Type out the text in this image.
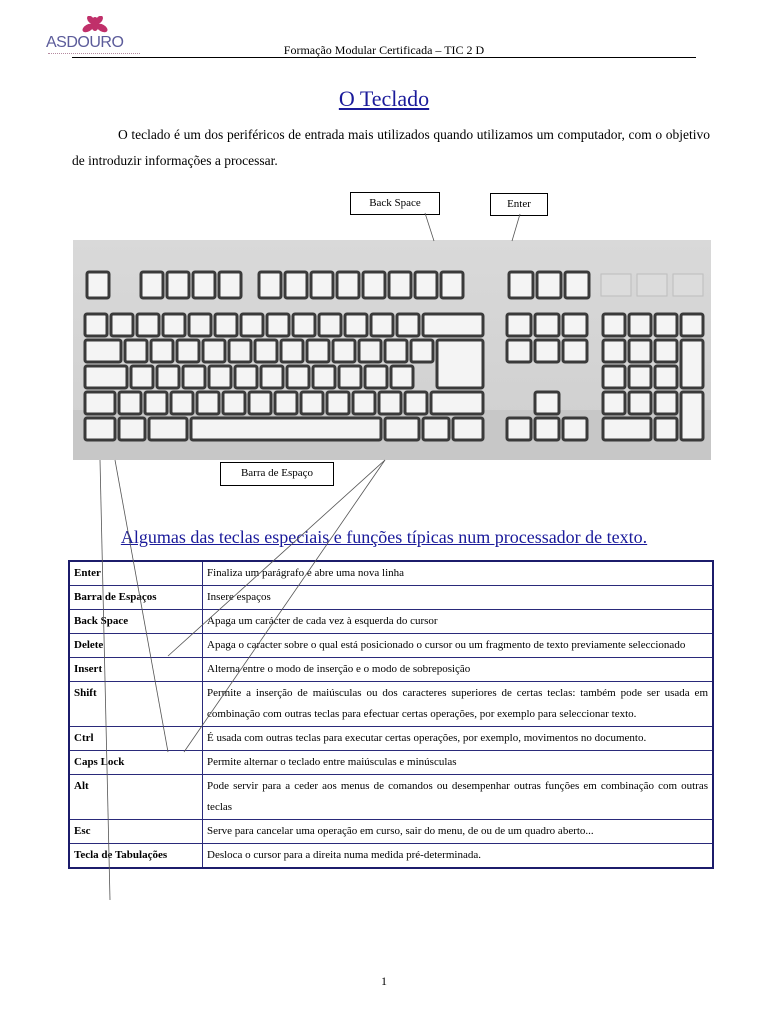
ASDOURO	Formação Modular Certificada – TIC 2 D
O Teclado
O teclado é um dos periféricos de entrada mais utilizados quando utilizamos um computador, com o objetivo de introduzir informações a processar.
Back Space	Enter
Barra de Espaço
Algumas das teclas especiais e funções típicas num processador de texto.
Enter	Finaliza um parágrafo e abre uma nova linha
Barra de Espaços	Insere espaços
Back Space	Apaga um carácter de cada vez à esquerda do cursor
Delete	Apaga o caracter sobre o qual está posicionado o cursor ou um fragmento de texto previamente seleccionado
Insert	Alterna entre o modo de inserção e o modo de sobreposição
Shift	Permite a inserção de maiúsculas ou dos caracteres superiores de certas teclas: também pode ser usada em combinação com outras teclas para efectuar certas operações, por exemplo para seleccionar texto.
Ctrl	É usada com outras teclas para executar certas operações, por exemplo, movimentos no documento.
Caps Lock	Permite alternar o teclado entre maiúsculas e minúsculas
Alt	Pode servir para a ceder aos menus de comandos ou desempenhar outras funções em combinação com outras teclas
Esc	Serve para cancelar uma operação em curso, sair do menu, de ou de um quadro aberto...
Tecla de Tabulações	Desloca o cursor para a direita numa medida pré-determinada.
1
